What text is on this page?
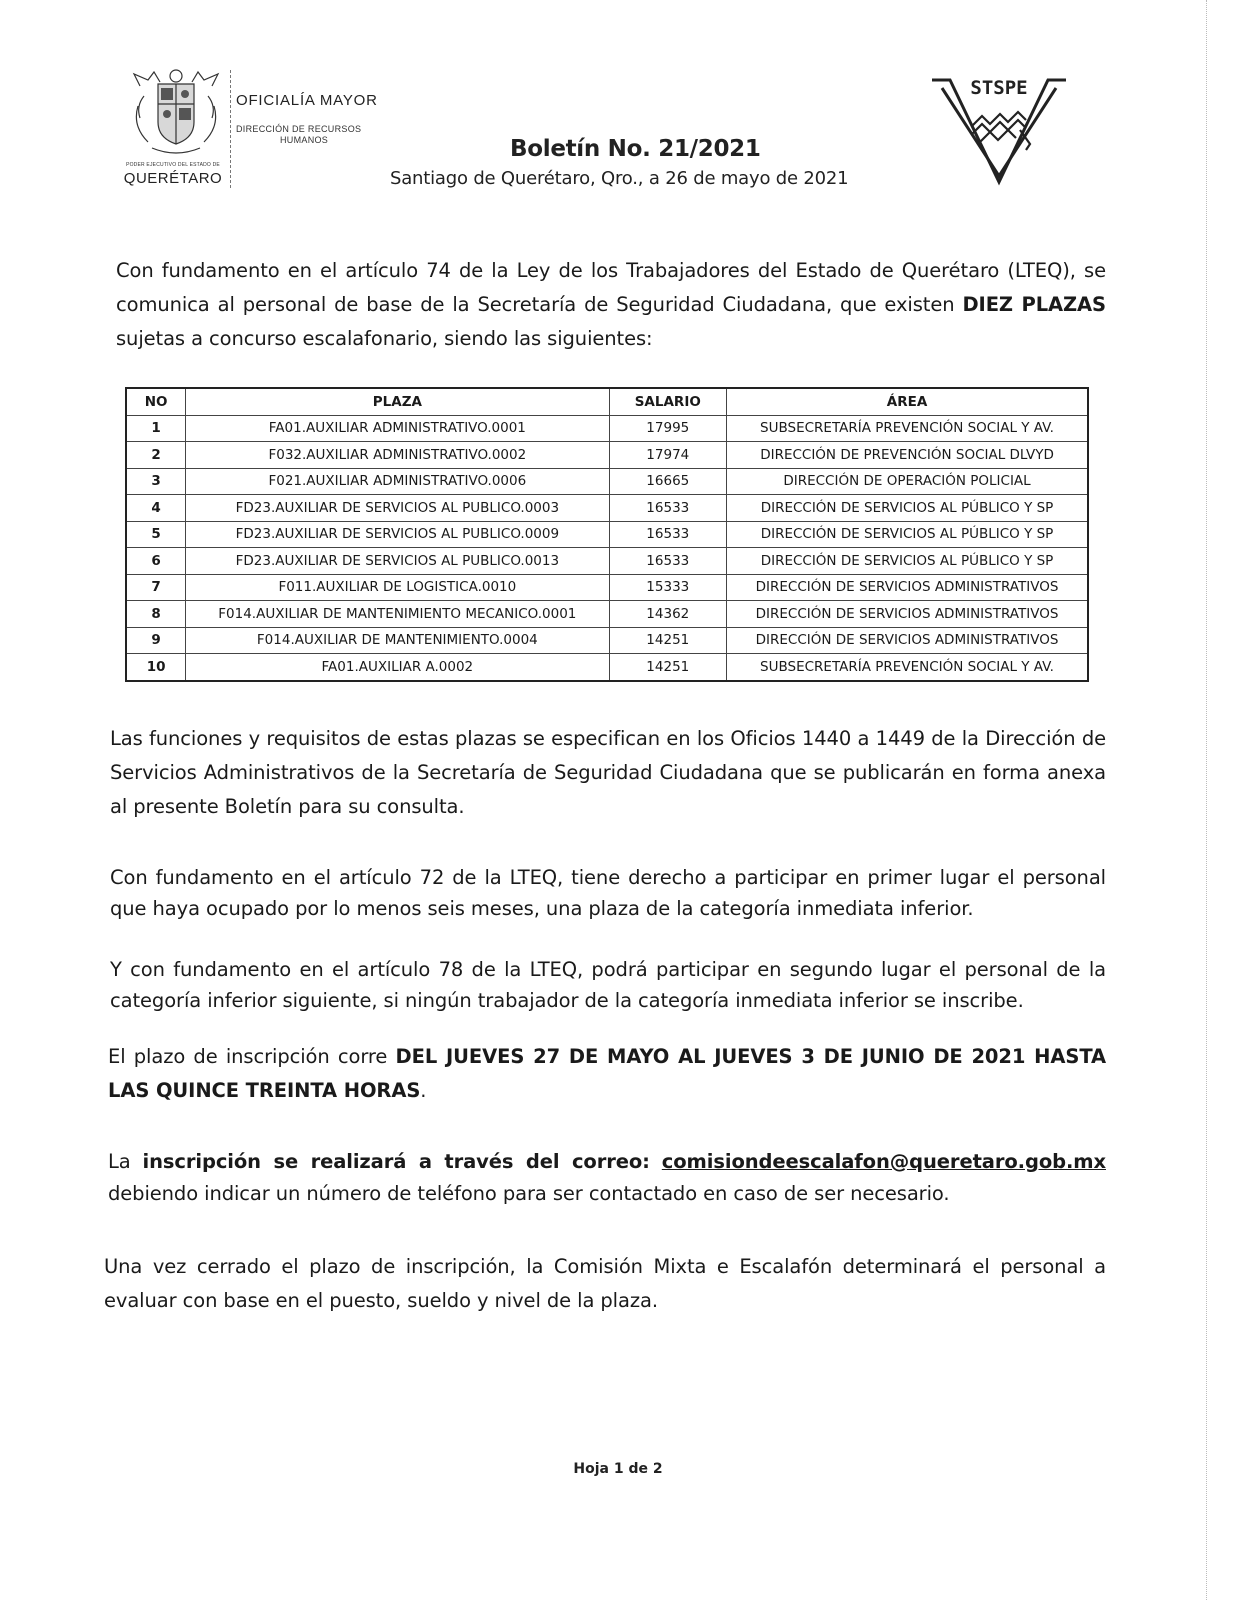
PODER EJECUTIVO DEL ESTADO DE
QUERÉTARO
OFICIALÍA MAYOR
DIRECCIÓN DE RECURSOS
HUMANOS	Boletín No. 21/2021
Santiago de Querétaro, Qro., a 26 de mayo de 2021
STSPE
Con fundamento en el artículo 74 de la Ley de los Trabajadores del Estado de Querétaro (LTEQ), se comunica al personal de base de la Secretaría de Seguridad Ciudadana, que existen DIEZ PLAZAS sujetas a concurso escalafonario, siendo las siguientes:
NO	PLAZA	SALARIO	ÁREA
1	FA01.AUXILIAR ADMINISTRATIVO.0001	17995	SUBSECRETARÍA PREVENCIÓN SOCIAL Y AV.
2	F032.AUXILIAR ADMINISTRATIVO.0002	17974	DIRECCIÓN DE PREVENCIÓN SOCIAL DLVYD
3	F021.AUXILIAR ADMINISTRATIVO.0006	16665	DIRECCIÓN DE OPERACIÓN POLICIAL
4	FD23.AUXILIAR DE SERVICIOS AL PUBLICO.0003	16533	DIRECCIÓN DE SERVICIOS AL PÚBLICO Y SP
5	FD23.AUXILIAR DE SERVICIOS AL PUBLICO.0009	16533	DIRECCIÓN DE SERVICIOS AL PÚBLICO Y SP
6	FD23.AUXILIAR DE SERVICIOS AL PUBLICO.0013	16533	DIRECCIÓN DE SERVICIOS AL PÚBLICO Y SP
7	F011.AUXILIAR DE LOGISTICA.0010	15333	DIRECCIÓN DE SERVICIOS ADMINISTRATIVOS
8	F014.AUXILIAR DE MANTENIMIENTO MECANICO.0001	14362	DIRECCIÓN DE SERVICIOS ADMINISTRATIVOS
9	F014.AUXILIAR DE MANTENIMIENTO.0004	14251	DIRECCIÓN DE SERVICIOS ADMINISTRATIVOS
10	FA01.AUXILIAR A.0002	14251	SUBSECRETARÍA PREVENCIÓN SOCIAL Y AV.
Las funciones y requisitos de estas plazas se especifican en los Oficios 1440 a 1449 de la Dirección de Servicios Administrativos de la Secretaría de Seguridad Ciudadana que se publicarán en forma anexa al presente Boletín para su consulta.
Con fundamento en el artículo 72 de la LTEQ, tiene derecho a participar en primer lugar el personal que haya ocupado por lo menos seis meses, una plaza de la categoría inmediata inferior.
Y con fundamento en el artículo 78 de la LTEQ, podrá participar en segundo lugar el personal de la categoría inferior siguiente, si ningún trabajador de la categoría inmediata inferior se inscribe.
El plazo de inscripción corre DEL JUEVES 27 DE MAYO AL JUEVES 3 DE JUNIO DE 2021 HASTA LAS QUINCE TREINTA HORAS.
La inscripción se realizará a través del correo: comisiondeescalafon@queretaro.gob.mx debiendo indicar un número de teléfono para ser contactado en caso de ser necesario.
Una vez cerrado el plazo de inscripción, la Comisión Mixta e Escalafón determinará el personal a evaluar con base en el puesto, sueldo y nivel de la plaza.
Hoja 1 de 2
